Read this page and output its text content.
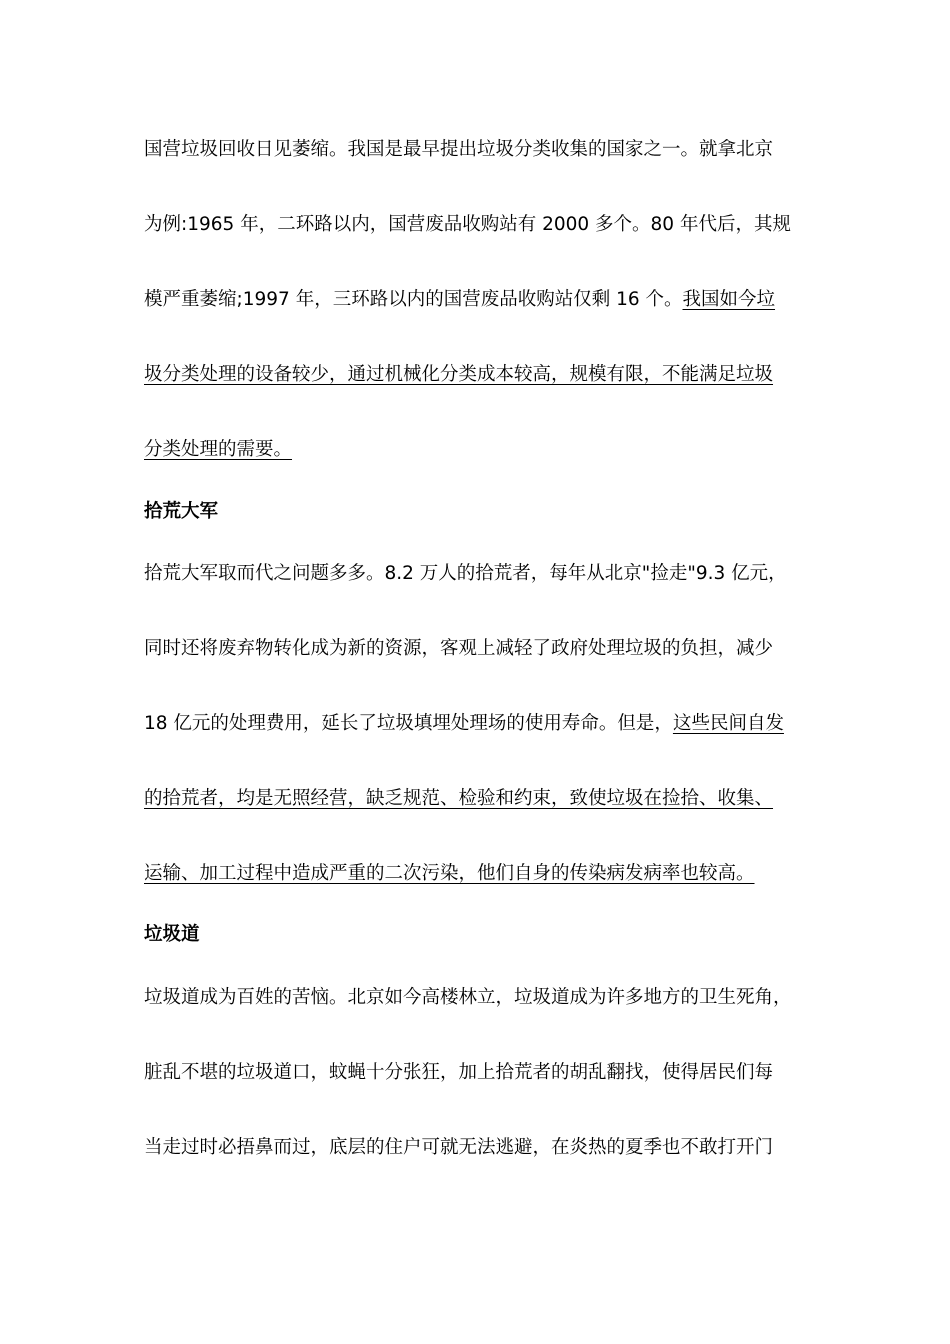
国营垃圾回收日见萎缩。我国是最早提出垃圾分类收集的国家之一。就拿北京
为例:1965 年，二环路以内，国营废品收购站有 2000 多个。80 年代后，其规
模严重萎缩;1997 年，三环路以内的国营废品收购站仅剩 16 个。我国如今垃
圾分类处理的设备较少，通过机械化分类成本较高，规模有限，不能满足垃圾
分类处理的需要。
拾荒大军
拾荒大军取而代之问题多多。8.2 万人的拾荒者，每年从北京"捡走"9.3 亿元，
同时还将废弃物转化成为新的资源，客观上减轻了政府处理垃圾的负担，减少
18 亿元的处理费用，延长了垃圾填埋处理场的使用寿命。但是，这些民间自发
的拾荒者，均是无照经营，缺乏规范、检验和约束，致使垃圾在捡拾、收集、
运输、加工过程中造成严重的二次污染，他们自身的传染病发病率也较高。
垃圾道
垃圾道成为百姓的苦恼。北京如今高楼林立，垃圾道成为许多地方的卫生死角，
脏乱不堪的垃圾道口，蚊蝇十分张狂，加上拾荒者的胡乱翻找，使得居民们每
当走过时必捂鼻而过，底层的住户可就无法逃避，在炎热的夏季也不敢打开门
